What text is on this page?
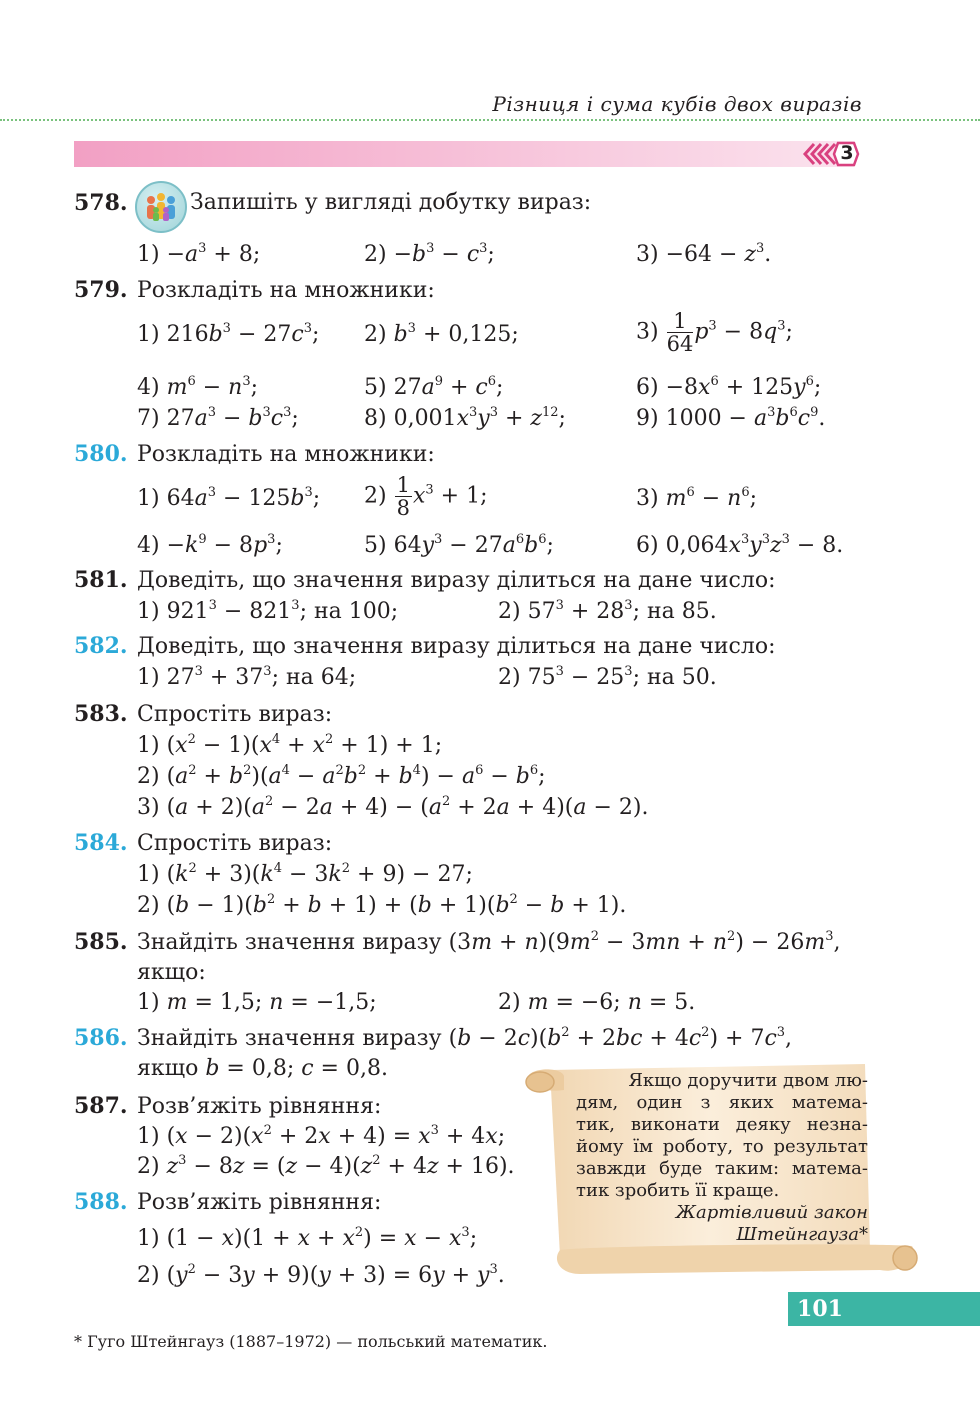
Різниця і сума кубів двох виразів
3
578.	Запишіть у вигляді добутку вираз:
$1) -a^3 + 8$;	$2) -b^3 - c^3$;	$3) -64 - z^3$.
579. Розкладіть на множники:
1) $216b^3 - 27c^3$; 2) $b^3 + 0,125$;	$3) \frac{1}{64} p^3 - 8q^3$;
4) $m^6 - n^3$;	5) $27a^9 + c^6$;	$6) -8x^6 + 125y^6$;
7) $27a^3 - b^3c^3$;	8) $0,001x^3y^3 + z^{12}$;	9) $1000 - a^3b^6c^9$.
580. Розкладіть на множники:
1) $64a^3 - 125b^3$; $2) \frac{1}{8} x^3 + 1$;	3) $m^6 - n^6$;
$4) -k^9 - 8p^3$;	5) $64y^3 - 27a^6b^6$;	6) $0,064x^3y^3z^3 - 8$.
581. Доведіть, що значення виразу ділиться на дане число:
1) $921^3 - 821^3$; на 100;	2) $57^3 + 28^3$; на 85.
582. Доведіть, що значення виразу ділиться на дане число:
1) $27^3 + 37^3$; на 64;	2) $75^3 - 25^3$; на 50.
583. Спростіть вираз:
1) $(x^2 - 1)(x^4 + x^2 + 1) + 1$;
2) $(a^2 + b^2)(a^4 - a^2b^2 + b^4) - a^6 - b^6$;
3) $(a + 2)(a^2 - 2a + 4) - (a^2 + 2a + 4)(a - 2)$.
584. Спростіть вираз:
1) $(k^2 + 3)(k^4 - 3k^2 + 9) - 27$;
2) $(b - 1)(b^2 + b + 1) + (b + 1)(b^2 - b + 1)$.
585. Знайдіть значення виразу $(3m + n)(9m^2 - 3mn + n^2) - 26m^3$,
якщо:
1) m = 1,5; n = −1,5;	2) m = −6; n = 5.
586. Знайдіть значення виразу $(b - 2c)(b^2 + 2bc + 4c^2) + 7c^3$,
якщо b = 0,8; c = 0,8.	Якщо доручити двом лю-
дям, один з яких матема-
тик, виконати деяку незна-
йому їм роботу, то результат
завжди буде таким: матема-
тик зробить її краще.
Жартівливий закон
Штейнгауза*
587. Розв’яжіть рівняння:
1) $(x - 2)(x^2 + 2x + 4) = x^3 + 4x$;
2) $z^3 - 8z = (z - 4)(z^2 + 4z + 16)$.
588. Розв’яжіть рівняння:
1) $(1 - x)(1 + x + x^2) = x - x^3$;
2) $(y^2 - 3y + 9)(y + 3) = 6y + y^3$.
101
* Гуго Штейнгауз (1887–1972) — польський математик.
